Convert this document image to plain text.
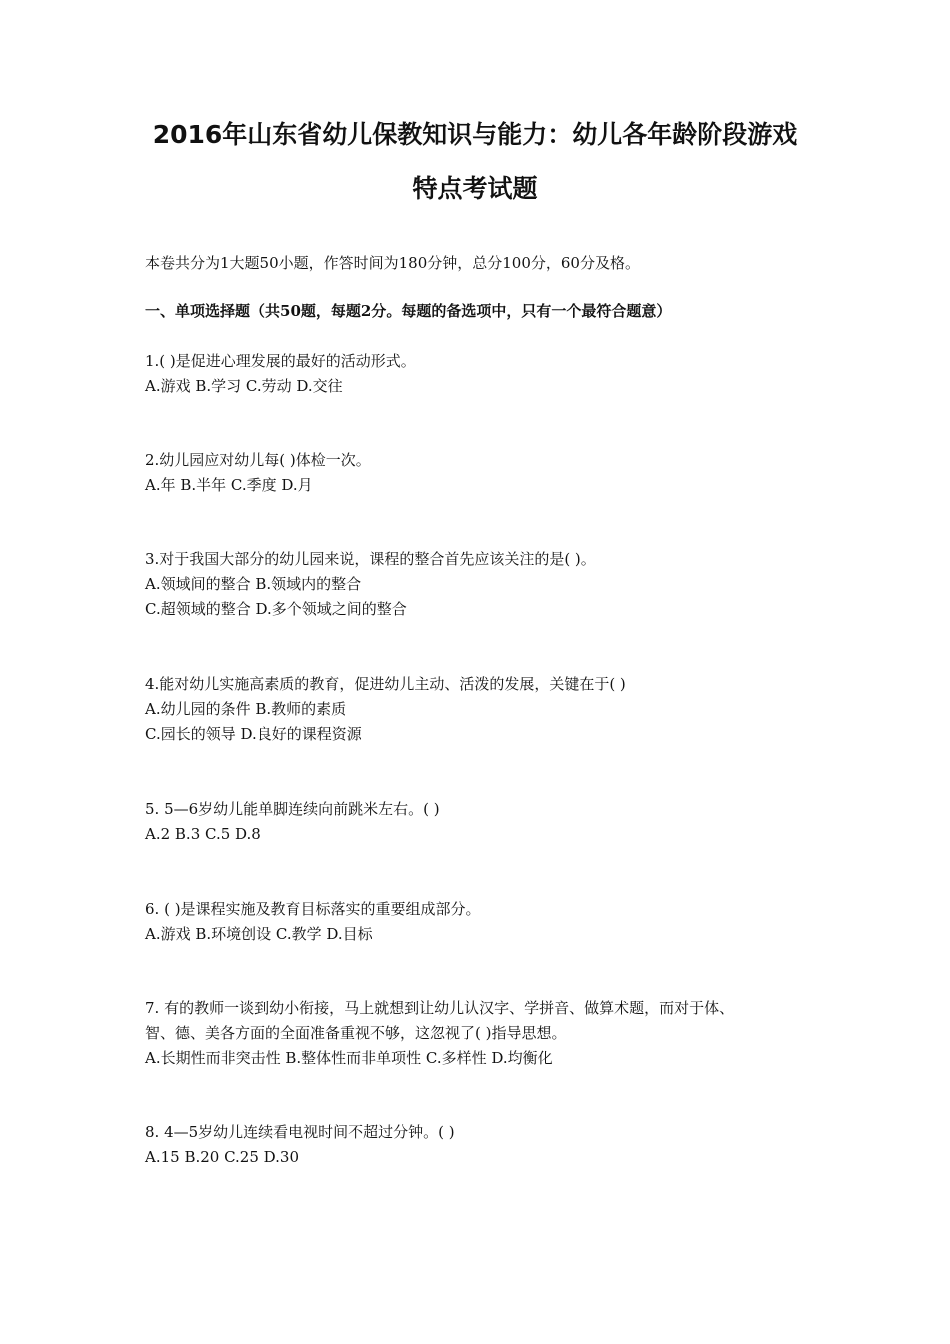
2016年山东省幼儿保教知识与能力：幼儿各年龄阶段游戏
特点考试题
本卷共分为1大题50小题，作答时间为180分钟，总分100分，60分及格。
一、单项选择题（共50题，每题2分。每题的备选项中，只有一个最符合题意）
1.( )是促进心理发展的最好的活动形式。
A.游戏 B.学习 C.劳动 D.交往
2.幼儿园应对幼儿每( )体检一次。
A.年 B.半年 C.季度 D.月
3.对于我国大部分的幼儿园来说，课程的整合首先应该关注的是( )。
A.领域间的整合 B.领域内的整合
C.超领域的整合 D.多个领域之间的整合
4.能对幼儿实施高素质的教育，促进幼儿主动、活泼的发展，关键在于( )
A.幼儿园的条件 B.教师的素质
C.园长的领导 D.良好的课程资源
5. 5—6岁幼儿能单脚连续向前跳米左右。( )
A.2 B.3 C.5 D.8
6. ( )是课程实施及教育目标落实的重要组成部分。
A.游戏 B.环境创设 C.教学 D.目标
7. 有的教师一谈到幼小衔接，马上就想到让幼儿认汉字、学拼音、做算术题，而对于体、
智、德、美各方面的全面准备重视不够，这忽视了( )指导思想。
A.长期性而非突击性 B.整体性而非单项性 C.多样性 D.均衡化
8. 4—5岁幼儿连续看电视时间不超过分钟。( )
A.15 B.20 C.25 D.30
